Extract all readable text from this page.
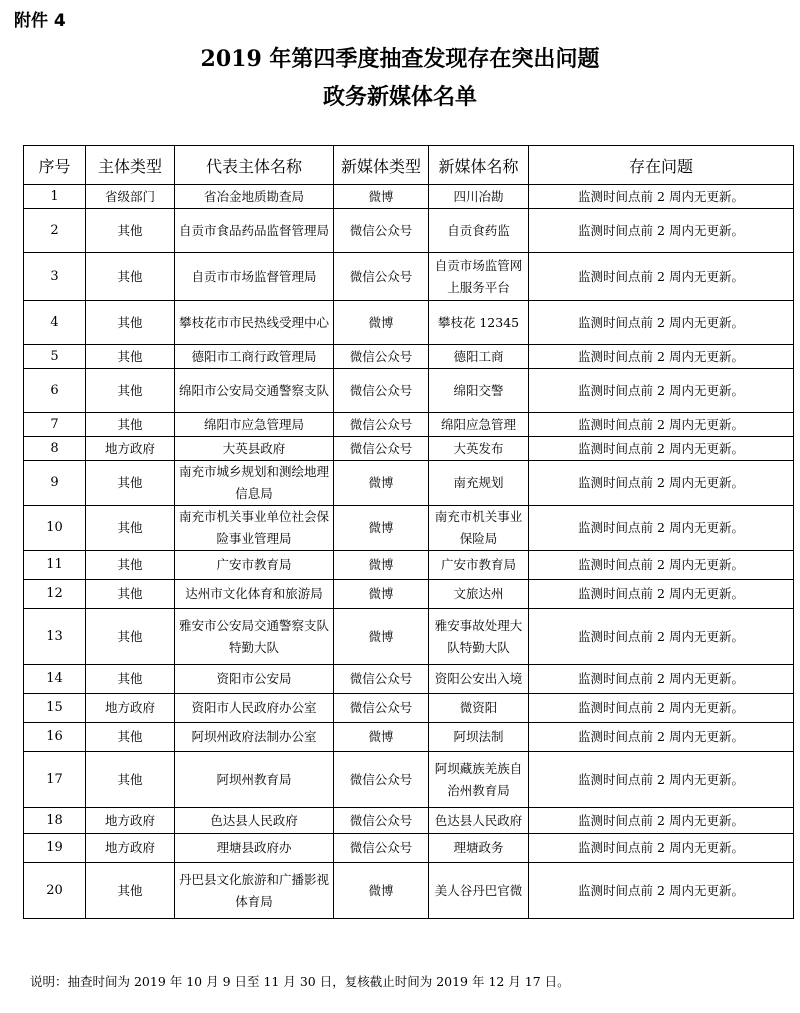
附件 4
2019 年第四季度抽查发现存在突出问题
政务新媒体名单
序号	主体类型	代表主体名称	新媒体类型	新媒体名称	存在问题
1	省级部门	省冶金地质勘查局	微博	四川冶勘	监测时间点前 2 周内无更新。
2	其他	自贡市食品药品监督管理局	微信公众号	自贡食药监	监测时间点前 2 周内无更新。
3	其他	自贡市市场监督管理局	微信公众号	自贡市场监管网上服务平台	监测时间点前 2 周内无更新。
4	其他	攀枝花市市民热线受理中心	微博	攀枝花 12345	监测时间点前 2 周内无更新。
5	其他	德阳市工商行政管理局	微信公众号	德阳工商	监测时间点前 2 周内无更新。
6	其他	绵阳市公安局交通警察支队	微信公众号	绵阳交警	监测时间点前 2 周内无更新。
7	其他	绵阳市应急管理局	微信公众号	绵阳应急管理	监测时间点前 2 周内无更新。
8	地方政府	大英县政府	微信公众号	大英发布	监测时间点前 2 周内无更新。
9	其他	南充市城乡规划和测绘地理信息局	微博	南充规划	监测时间点前 2 周内无更新。
10	其他	南充市机关事业单位社会保险事业管理局	微博	南充市机关事业保险局	监测时间点前 2 周内无更新。
11	其他	广安市教育局	微博	广安市教育局	监测时间点前 2 周内无更新。
12	其他	达州市文化体育和旅游局	微博	文旅达州	监测时间点前 2 周内无更新。
13	其他	雅安市公安局交通警察支队特勤大队	微博	雅安事故处理大队特勤大队	监测时间点前 2 周内无更新。
14	其他	资阳市公安局	微信公众号	资阳公安出入境	监测时间点前 2 周内无更新。
15	地方政府	资阳市人民政府办公室	微信公众号	微资阳	监测时间点前 2 周内无更新。
16	其他	阿坝州政府法制办公室	微博	阿坝法制	监测时间点前 2 周内无更新。
17	其他	阿坝州教育局	微信公众号	阿坝藏族羌族自治州教育局	监测时间点前 2 周内无更新。
18	地方政府	色达县人民政府	微信公众号	色达县人民政府	监测时间点前 2 周内无更新。
19	地方政府	理塘县政府办	微信公众号	理塘政务	监测时间点前 2 周内无更新。
20	其他	丹巴县文化旅游和广播影视体育局	微博	美人谷丹巴官微	监测时间点前 2 周内无更新。
说明：抽查时间为 2019 年 10 月 9 日至 11 月 30 日，复核截止时间为 2019 年 12 月 17 日。
